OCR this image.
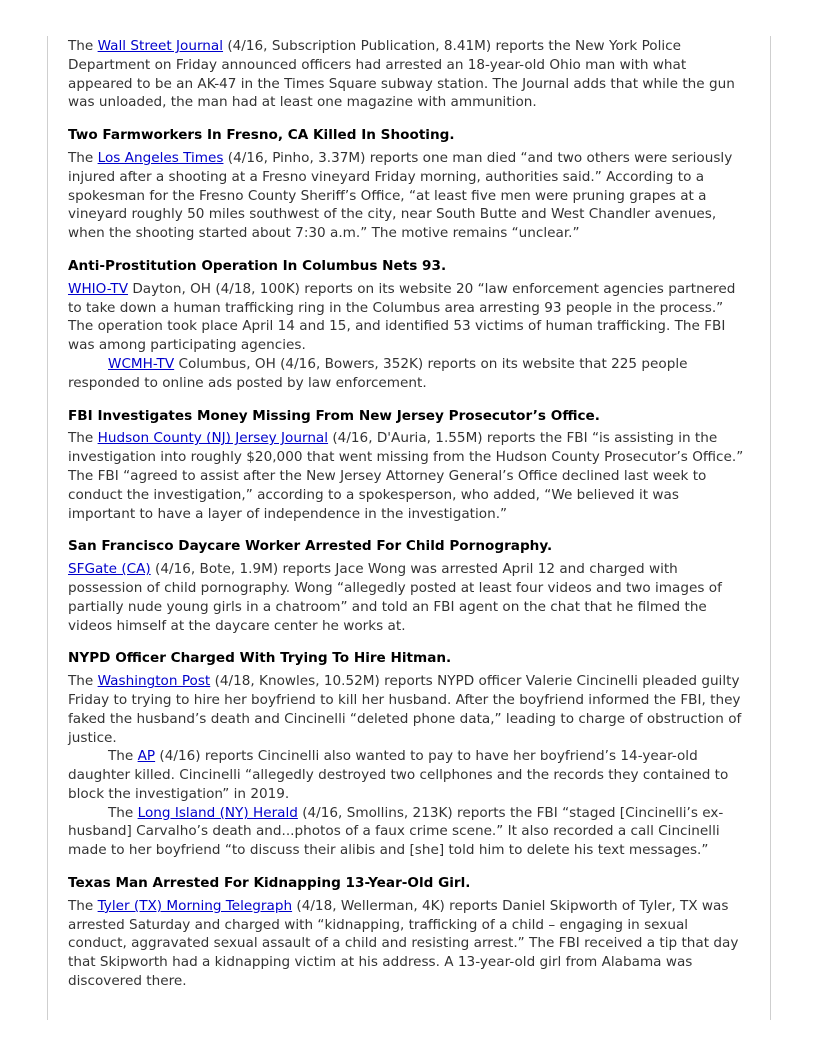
The Wall Street Journal (4/16, Subscription Publication, 8.41M) reports the New York Police Department on Friday announced officers had arrested an 18-year-old Ohio man with what appeared to be an AK-47 in the Times Square subway station. The Journal adds that while the gun was unloaded, the man had at least one magazine with ammunition.

Two Farmworkers In Fresno, CA Killed In Shooting.

The Los Angeles Times (4/16, Pinho, 3.37M) reports one man died “and two others were seriously injured after a shooting at a Fresno vineyard Friday morning, authorities said.” According to a spokesman for the Fresno County Sheriff’s Office, “at least five men were pruning grapes at a vineyard roughly 50 miles southwest of the city, near South Butte and West Chandler avenues, when the shooting started about 7:30 a.m.” The motive remains “unclear.”

Anti-Prostitution Operation In Columbus Nets 93.

WHIO-TV Dayton, OH (4/18, 100K) reports on its website 20 “law enforcement agencies partnered to take down a human trafficking ring in the Columbus area arresting 93 people in the process.” The operation took place April 14 and 15, and identified 53 victims of human trafficking. The FBI was among participating agencies.

WCMH-TV Columbus, OH (4/16, Bowers, 352K) reports on its website that 225 people responded to online ads posted by law enforcement.

FBI Investigates Money Missing From New Jersey Prosecutor’s Office.

The Hudson County (NJ) Jersey Journal (4/16, D'Auria, 1.55M) reports the FBI “is assisting in the investigation into roughly $20,000 that went missing from the Hudson County Prosecutor’s Office.” The FBI “agreed to assist after the New Jersey Attorney General’s Office declined last week to conduct the investigation,” according to a spokesperson, who added, “We believed it was important to have a layer of independence in the investigation.”

San Francisco Daycare Worker Arrested For Child Pornography.

SFGate (CA) (4/16, Bote, 1.9M) reports Jace Wong was arrested April 12 and charged with possession of child pornography. Wong “allegedly posted at least four videos and two images of partially nude young girls in a chatroom” and told an FBI agent on the chat that he filmed the videos himself at the daycare center he works at.

NYPD Officer Charged With Trying To Hire Hitman.

The Washington Post (4/18, Knowles, 10.52M) reports NYPD officer Valerie Cincinelli pleaded guilty Friday to trying to hire her boyfriend to kill her husband. After the boyfriend informed the FBI, they faked the husband’s death and Cincinelli “deleted phone data,” leading to charge of obstruction of justice.

The AP (4/16) reports Cincinelli also wanted to pay to have her boyfriend’s 14-year-old daughter killed. Cincinelli “allegedly destroyed two cellphones and the records they contained to block the investigation” in 2019.

The Long Island (NY) Herald (4/16, Smollins, 213K) reports the FBI “staged [Cincinelli’s ex-husband] Carvalho’s death and...photos of a faux crime scene.” It also recorded a call Cincinelli made to her boyfriend “to discuss their alibis and [she] told him to delete his text messages.”

Texas Man Arrested For Kidnapping 13-Year-Old Girl.

The Tyler (TX) Morning Telegraph (4/18, Wellerman, 4K) reports Daniel Skipworth of Tyler, TX was arrested Saturday and charged with “kidnapping, trafficking of a child – engaging in sexual conduct, aggravated sexual assault of a child and resisting arrest.” The FBI received a tip that day that Skipworth had a kidnapping victim at his address. A 13-year-old girl from Alabama was discovered there.
